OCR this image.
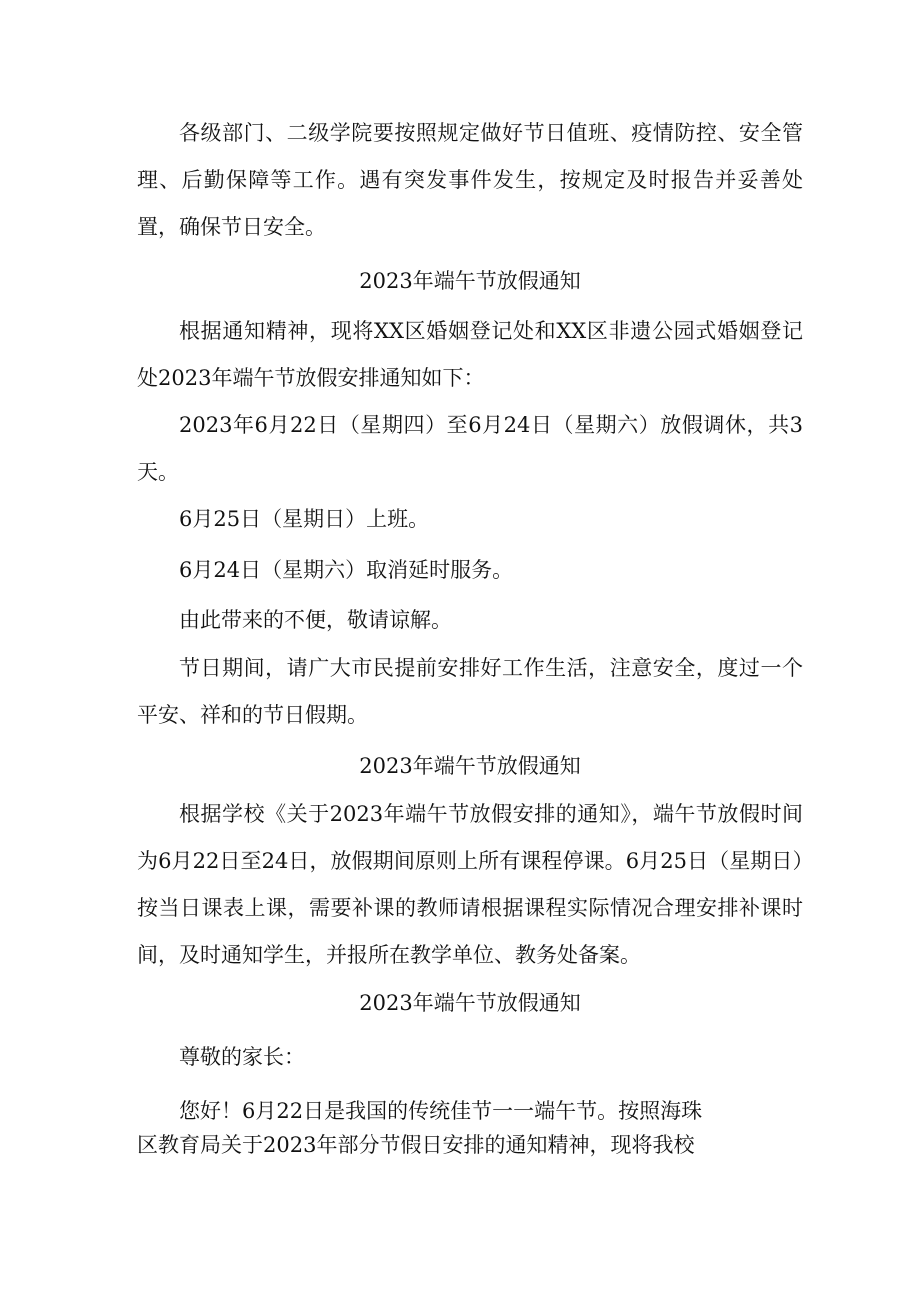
各级部门、二级学院要按照规定做好节日值班、疫情防控、安全管理、后勤保障等工作。遇有突发事件发生，按规定及时报告并妥善处置，确保节日安全。

2023年端午节放假通知

根据通知精神，现将XX区婚姻登记处和XX区非遗公园式婚姻登记处2023年端午节放假安排通知如下：

2023年6月22日（星期四）至6月24日（星期六）放假调休，共3天。

6月25日（星期日）上班。

6月24日（星期六）取消延时服务。

由此带来的不便，敬请谅解。

节日期间，请广大市民提前安排好工作生活，注意安全，度过一个平安、祥和的节日假期。

2023年端午节放假通知

根据学校《关于2023年端午节放假安排的通知》，端午节放假时间为6月22日至24日，放假期间原则上所有课程停课。6月25日（星期日）按当日课表上课，需要补课的教师请根据课程实际情况合理安排补课时间，及时通知学生，并报所在教学单位、教务处备案。

2023年端午节放假通知

尊敬的家长：

您好！6月22日是我国的传统佳节一一端午节。按照海珠

区教育局关于2023年部分节假日安排的通知精神，现将我校
